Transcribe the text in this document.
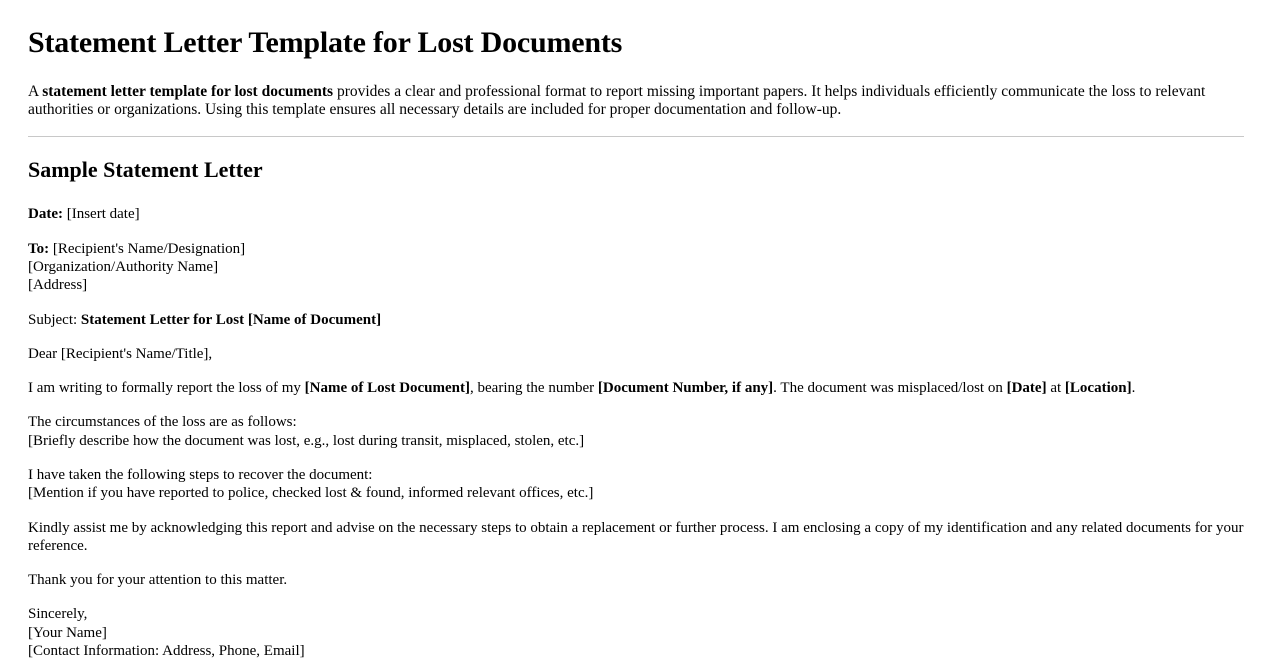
Statement Letter Template for Lost Documents

A statement letter template for lost documents provides a clear and professional format to report missing important papers. It helps individuals efficiently communicate the loss to relevant authorities or organizations. Using this template ensures all necessary details are included for proper documentation and follow-up.

Sample Statement Letter

Date: [Insert date]

To: [Recipient's Name/Designation]
[Organization/Authority Name]
[Address]

Subject: Statement Letter for Lost [Name of Document]

Dear [Recipient's Name/Title],

I am writing to formally report the loss of my [Name of Lost Document], bearing the number [Document Number, if any]. The document was misplaced/lost on [Date] at [Location].

The circumstances of the loss are as follows:
[Briefly describe how the document was lost, e.g., lost during transit, misplaced, stolen, etc.]

I have taken the following steps to recover the document:
[Mention if you have reported to police, checked lost & found, informed relevant offices, etc.]

Kindly assist me by acknowledging this report and advise on the necessary steps to obtain a replacement or further process. I am enclosing a copy of my identification and any related documents for your reference.

Thank you for your attention to this matter.

Sincerely,
[Your Name]
[Contact Information: Address, Phone, Email]
